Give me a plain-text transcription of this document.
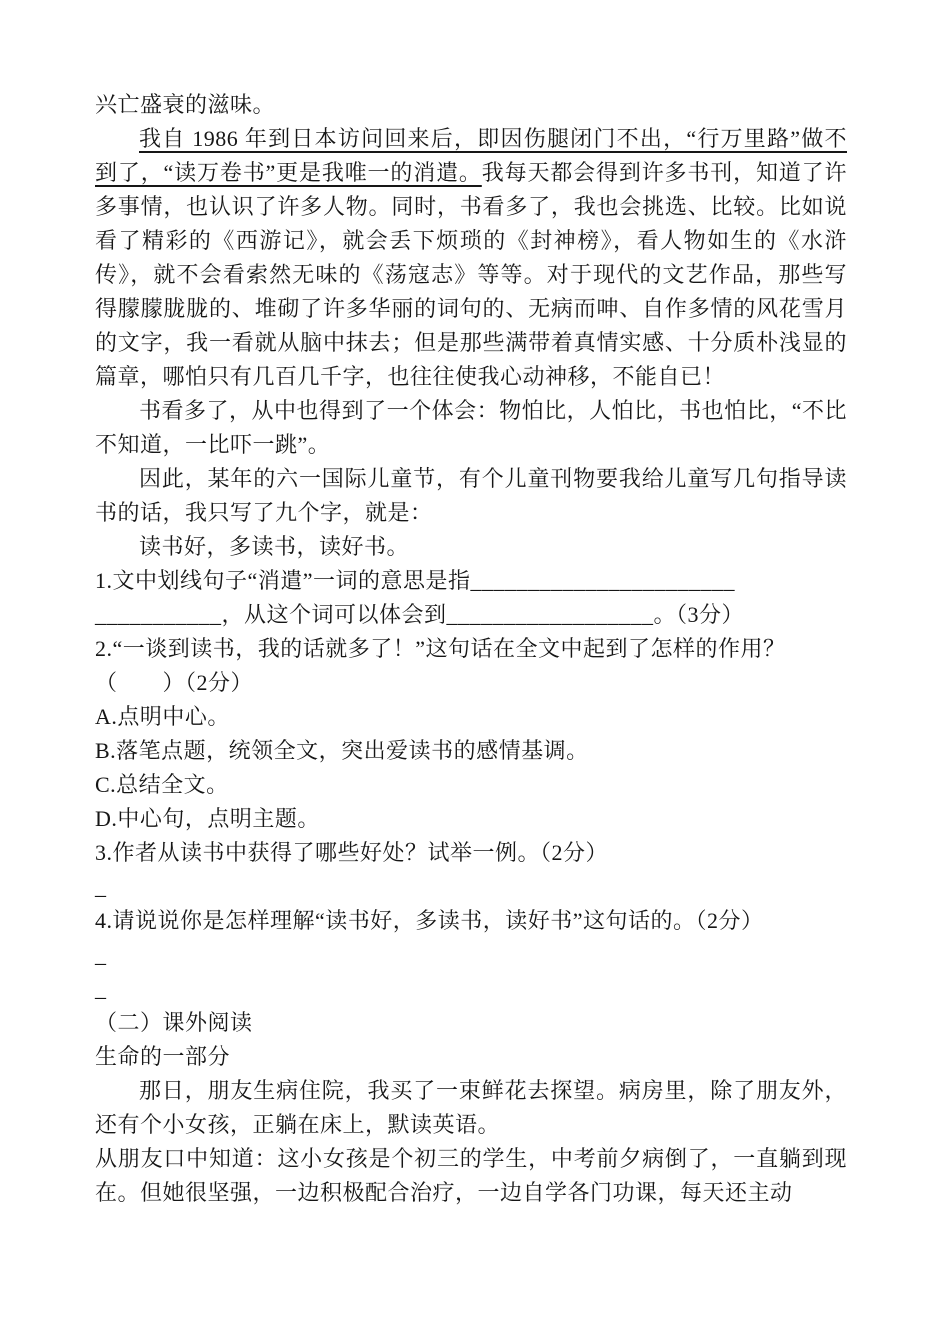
兴亡盛衰的滋味。

我自 1986 年到日本访问回来后，即因伤腿闭门不出，“行万里路”做不到了，“读万卷书”更是我唯一的消遣。我每天都会得到许多书刊，知道了许多事情，也认识了许多人物。同时，书看多了，我也会挑选、比较。比如说看了精彩的《西游记》，就会丢下烦琐的《封神榜》，看人物如生的《水浒传》，就不会看索然无味的《荡寇志》等等。对于现代的文艺作品，那些写得朦朦胧胧的、堆砌了许多华丽的词句的、无病而呻、自作多情的风花雪月的文字，我一看就从脑中抹去；但是那些满带着真情实感、十分质朴浅显的篇章，哪怕只有几百几千字，也往往使我心动神移，不能自已！

书看多了，从中也得到了一个体会：物怕比，人怕比，书也怕比，“不比不知道，一比吓一跳”。

因此，某年的六一国际儿童节，有个儿童刊物要我给儿童写几句指导读书的话，我只写了九个字，就是：

读书好，多读书，读好书。

1.文中划线句子“消遣”一词的意思是指_______________________

___________，从这个词可以体会到__________________。（3分）

2.“一谈到读书，我的话就多了！”这句话在全文中起到了怎样的作用？

（　　）（2分）

A.点明中心。

B.落笔点题，统领全文，突出爱读书的感情基调。

C.总结全文。

D.中心句，点明主题。

3.作者从读书中获得了哪些好处？试举一例。（2分）

_

4.请说说你是怎样理解“读书好，多读书，读好书”这句话的。（2分）

_

_

（二）课外阅读

生命的一部分

那日，朋友生病住院，我买了一束鲜花去探望。病房里，除了朋友外，还有个小女孩，正躺在床上，默读英语。

从朋友口中知道：这小女孩是个初三的学生，中考前夕病倒了，一直躺到现在。但她很坚强，一边积极配合治疗，一边自学各门功课，每天还主动
